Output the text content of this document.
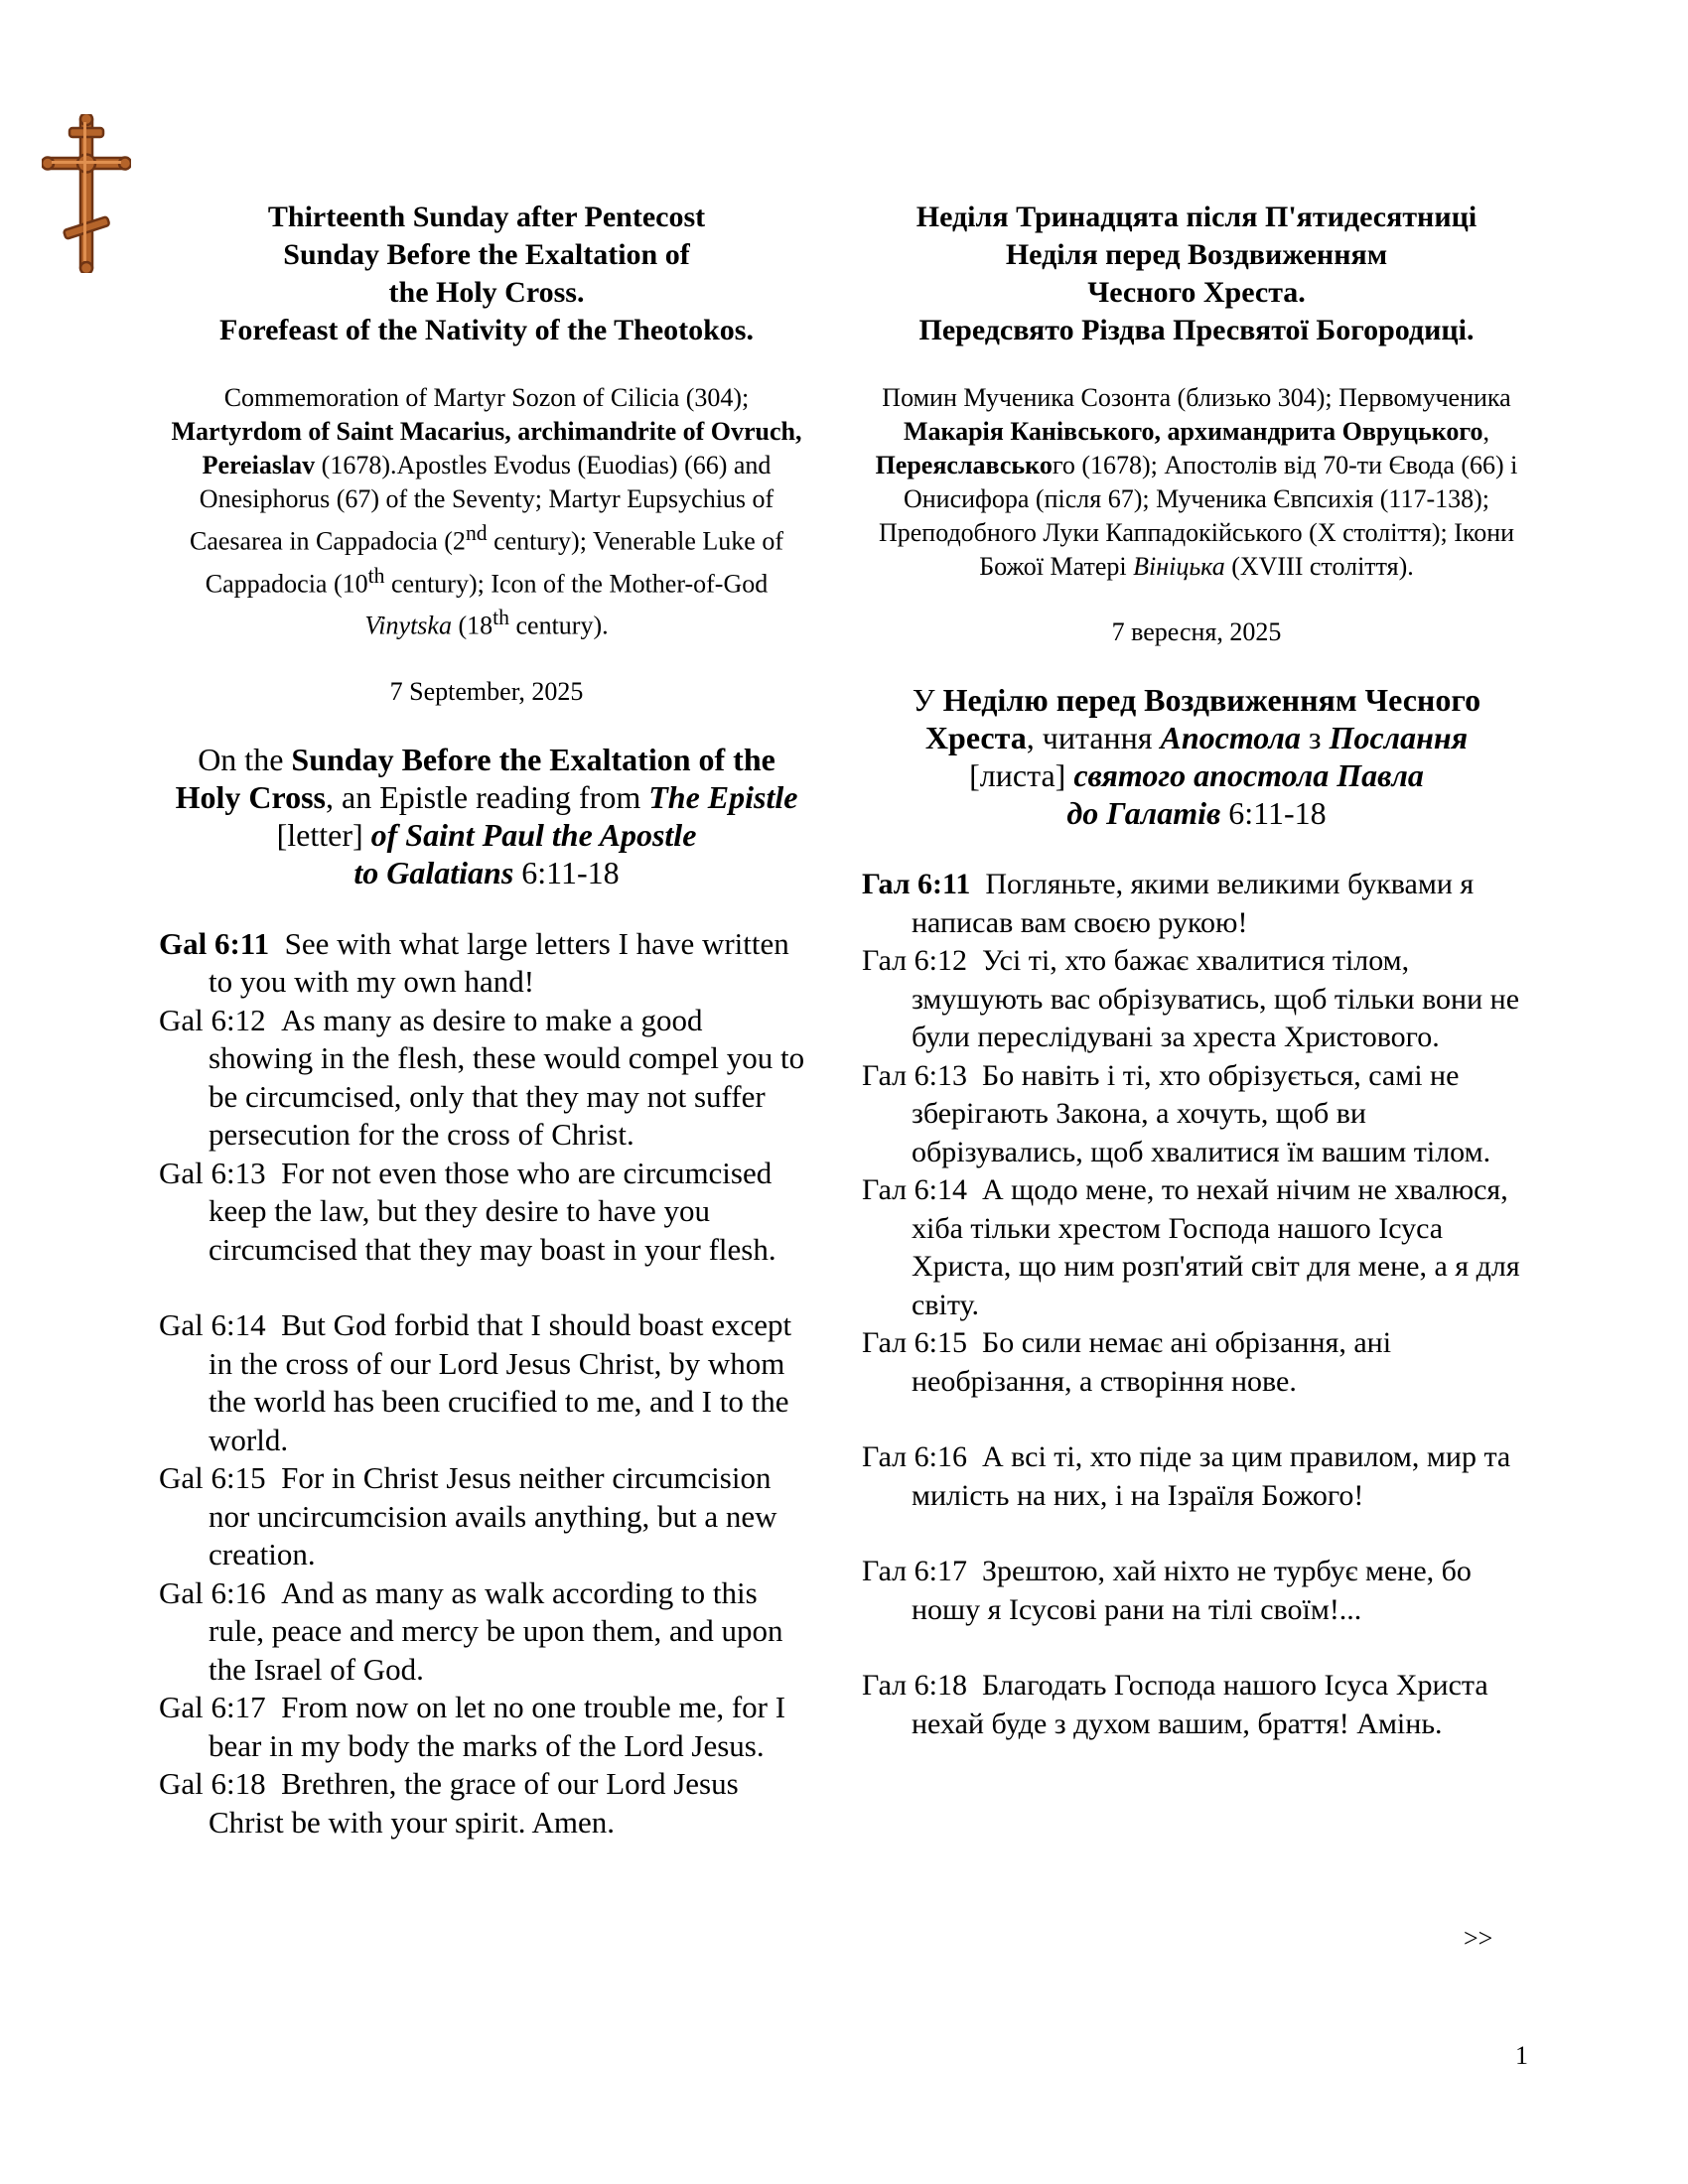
Thirteenth Sunday after Pentecost
Sunday Before the Exaltation of
the Holy Cross.
Forefeast of the Nativity of the Theotokos.
Commemoration of Martyr Sozon of Cilicia (304); Martyrdom of Saint Macarius, archimandrite of Ovruch, Pereiaslav (1678).Apostles Evodus (Euodias) (66) and Onesiphorus (67) of the Seventy; Martyr Eupsychius of Caesarea in Cappadocia (2nd century); Venerable Luke of Cappadocia (10th century); Icon of the Mother-of-God Vinytska (18th century).
7 September, 2025
On the Sunday Before the Exaltation of the
Holy Cross, an Epistle reading from The Epistle
[letter] of Saint Paul the Apostle
to Galatians 6:11-18
Gal 6:11 See with what large letters I have written to you with my own hand!
Gal 6:12 As many as desire to make a good showing in the flesh, these would compel you to be circumcised, only that they may not suffer persecution for the cross of Christ.
Gal 6:13 For not even those who are circumcised keep the law, but they desire to have you circumcised that they may boast in your flesh.
Gal 6:14 But God forbid that I should boast except in the cross of our Lord Jesus Christ, by whom the world has been crucified to me, and I to the world.
Gal 6:15 For in Christ Jesus neither circumcision nor uncircumcision avails anything, but a new creation.
Gal 6:16 And as many as walk according to this rule, peace and mercy be upon them, and upon the Israel of God.
Gal 6:17 From now on let no one trouble me, for I bear in my body the marks of the Lord Jesus.
Gal 6:18 Brethren, the grace of our Lord Jesus Christ be with your spirit. Amen.
Неділя Тринадцята після П'ятидесятниці
Неділя перед Воздвиженням
Чесного Хреста.
Передсвято Різдва Пресвятої Богородиці.
Помин Мученика Созонта (близько 304); Первомученика Макарія Канівського, архимандрита Овруцького, Переяславського (1678); Апостолів від 70-ти Євода (66) і Онисифора (після 67); Мученика Євпсихія (117-138); Преподобного Луки Каппадокійського (Х століття); Ікони Божої Матері Вініцька (XVIII століття).
7 вересня, 2025
У Неділю перед Воздвиженням Чесного
Хреста, читання Апостола з Послання
[листа] святого апостола Павла
до Галатів 6:11-18
Гал 6:11 Погляньте, якими великими буквами я написав вам своєю рукою!
Гал 6:12 Усі ті, хто бажає хвалитися тілом, змушують вас обрізуватись, щоб тільки вони не були переслідувані за хреста Христового.
Гал 6:13 Бо навіть і ті, хто обрізується, самі не зберігають Закона, а хочуть, щоб ви обрізувались, щоб хвалитися їм вашим тілом.
Гал 6:14 А щодо мене, то нехай нічим не хвалюся, хіба тільки хрестом Господа нашого Ісуса Христа, що ним розп'ятий світ для мене, а я для світу.
Гал 6:15 Бо сили немає ані обрізання, ані необрізання, а створіння нове.
Гал 6:16 А всі ті, хто піде за цим правилом, мир та милість на них, і на Ізраїля Божого!
Гал 6:17 Зрештою, хай ніхто не турбує мене, бо ношу я Ісусові рани на тілі своїм!...
Гал 6:18 Благодать Господа нашого Ісуса Христа нехай буде з духом вашим, браття! Амінь.
>>
1
